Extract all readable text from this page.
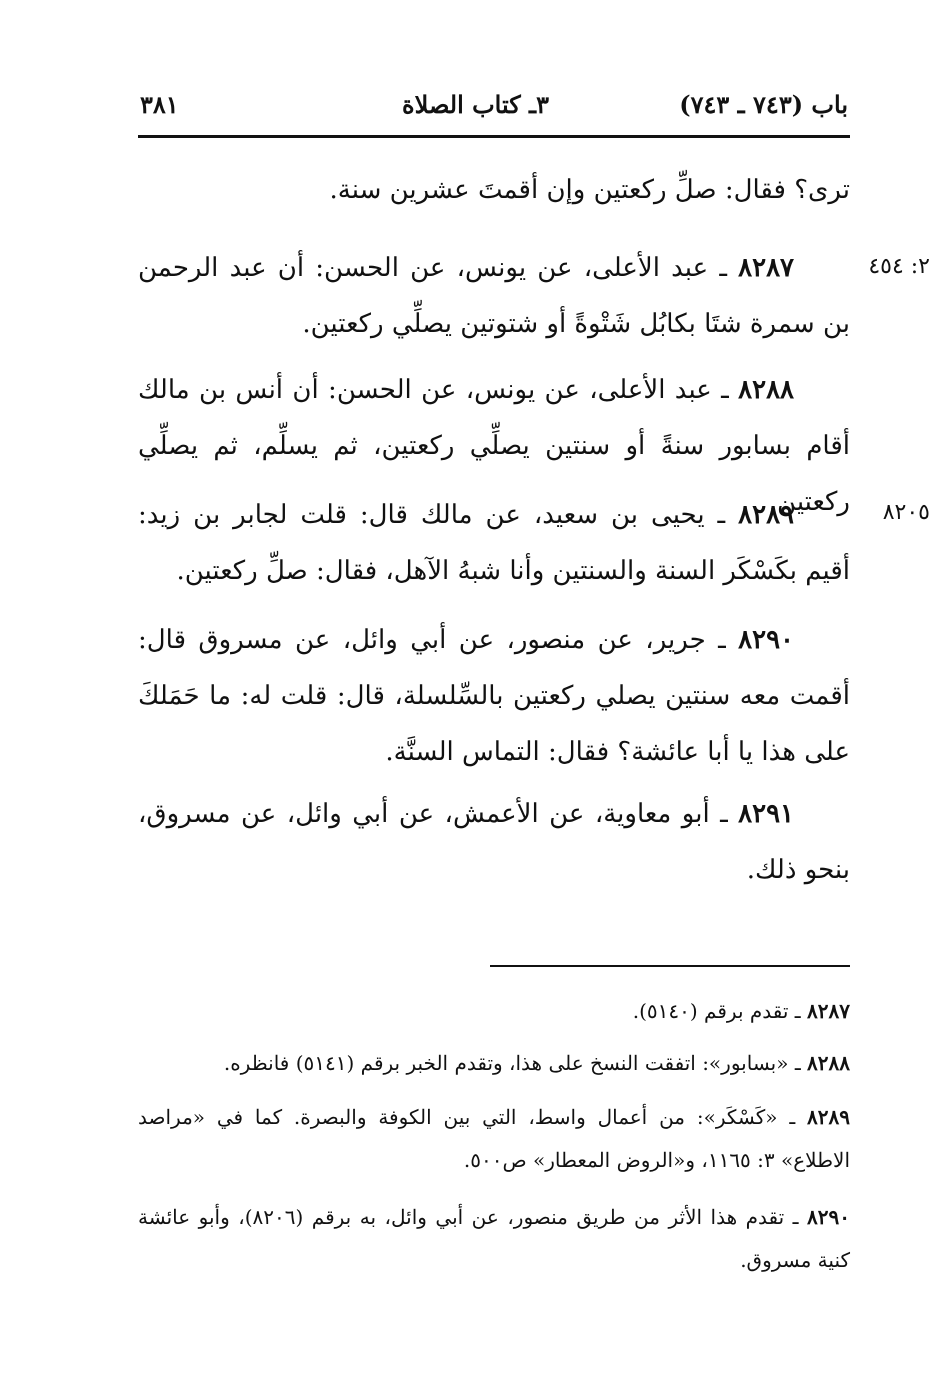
باب (٧٤٣ ـ ٧٤٣)
٣ـ كتاب الصلاة
٣٨١
ترى؟ فقال: صلِّ ركعتين وإن أقمتَ عشرين سنة.
٢: ٤٥٤
٨٢٨٧ ـ عبد الأعلى، عن يونس، عن الحسن: أن عبد الرحمن بن سمرة شتَا بكابُل شَتْوةً أو شتوتين يصلِّي ركعتين.
٨٢٨٨ ـ عبد الأعلى، عن يونس، عن الحسن: أن أنس بن مالك أقام بسابور سنةً أو سنتين يصلِّي ركعتين، ثم يسلِّم، ثم يصلِّي ركعتين.	٨٢٠٥
٨٢٨٩ ـ يحيى بن سعيد، عن مالك قال: قلت لجابر بن زيد: أقيم بكَسْكَر السنة والسنتين وأنا شبهُ الآهل، فقال: صلِّ ركعتين.
٨٢٩٠ ـ جرير، عن منصور، عن أبي وائل، عن مسروق قال: أقمت معه سنتين يصلي ركعتين بالسِّلسلة، قال: قلت له: ما حَمَلكَ على هذا يا أبا عائشة؟ فقال: التماس السنَّة.
٨٢٩١ ـ أبو معاوية، عن الأعمش، عن أبي وائل، عن مسروق، بنحو ذلك.
٨٢٨٧ ـ تقدم برقم (٥١٤٠).
٨٢٨٨ ـ «بسابور»: اتفقت النسخ على هذا، وتقدم الخبر برقم (٥١٤١) فانظره.
٨٢٨٩ ـ «كَسْكَر»: من أعمال واسط، التي بين الكوفة والبصرة. كما في «مراصد الاطلاع» ٣: ١١٦٥، و«الروض المعطار» ص٥٠٠.
٨٢٩٠ ـ تقدم هذا الأثر من طريق منصور، عن أبي وائل، به برقم (٨٢٠٦)، وأبو عائشة كنية مسروق.
